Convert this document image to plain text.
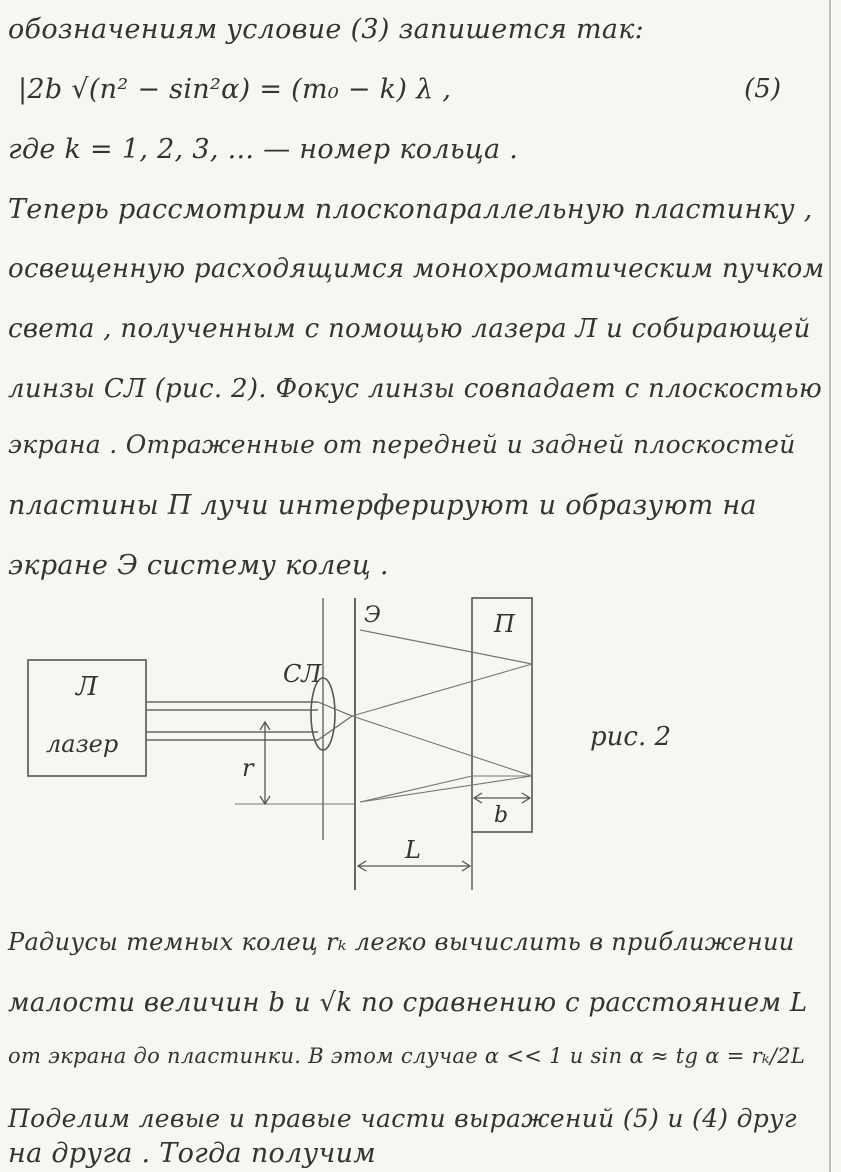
обозначениям условие (3) запишется так:
|2b √(n² − sin²α) = (m₀ − k) λ ,	(5)
где k = 1, 2, 3, ... — номер кольца .
Теперь рассмотрим плоскопараллельную пластинку ,
освещенную расходящимся монохроматическим пучком
света , полученным с помощью лазера Л и собирающей
линзы СЛ (рис. 2). Фокус линзы совпадает с плоскостью
экрана . Отраженные от передней и задней плоскостей
пластины П лучи интерферируют и образуют на
экране Э систему колец .
Л
лазер
СЛ
Э	П
r
L
b
рис. 2
Радиусы темных колец rₖ легко вычислить в приближении
малости величин b и √k по сравнению с расстоянием L
от экрана до пластинки. В этом случае α << 1 и sin α ≈ tg α = rₖ/2L
Поделим левые и правые части выражений (5) и (4) друг
на друга . Тогда получим
